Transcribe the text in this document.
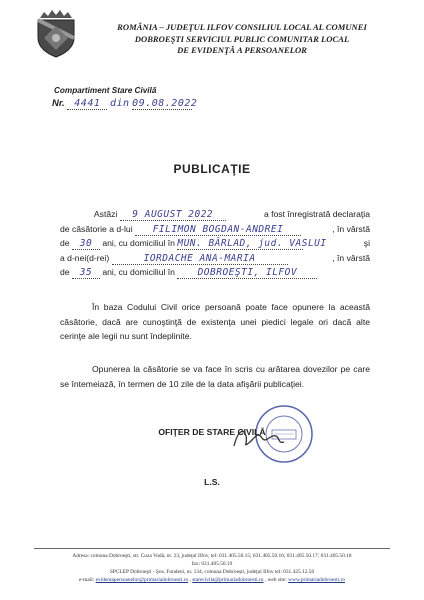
ROMÂNIA – JUDEŢUL ILFOV CONSILIUL LOCAL AL COMUNEI
DOBROEŞTI SERVICIUL PUBLIC COMUNITAR LOCAL
DE EVIDENŢĂ A PERSOANELOR
Compartiment Stare Civilă
Nr. 4441 din 09.08.2022
PUBLICAŢIE
Astăzi 9 AUGUST 2022	a fost înregistrată declaraţia
de căsătorie a d-lui FILIMON BOGDAN-ANDREI	, în vârstă
de 30 ani, cu domiciliul în MUN. BÂRLAD, jud. VASLUI	şi
a d-nei(d-rei)	IORDACHE ANA-MARIA	, în vârstă
de 35 ani, cu domiciliul în DOBROEŞTI, ILFOV
În baza Codului Civil orice persoană poate face opunere la această căsătorie, dacă are cunoştinţă de existenţa unei piedici legale ori dacă alte cerinţe ale legii nu sunt îndeplinite.
Opunerea la căsătorie se va face în scris cu arătarea dovezilor pe care se întemeiază, în termen de 10 zile de la data afişării publicaţiei.
OFIŢER DE STARE CIVILĂ
L.S.
Adresa: comuna Dobroeşti, str. Cuza Vodă, nr. 23, judeţul Ilfov, tel: 031.405.50.15; 031.405.50.16; 031.405.50.17; 031.405.50.18
fax: 031.405.50.19
SPCLEP Dobroeşti - Şos. Fundeni, nr. 134, comuna Dobroeşti, judeţul Ilfov tel: 031.425.12.50
e-mail: evidentapersoanelor@primariadobroesti.ro , starecivila@primariadobroesti.ro , web site: www.primariadobroesti.ro
